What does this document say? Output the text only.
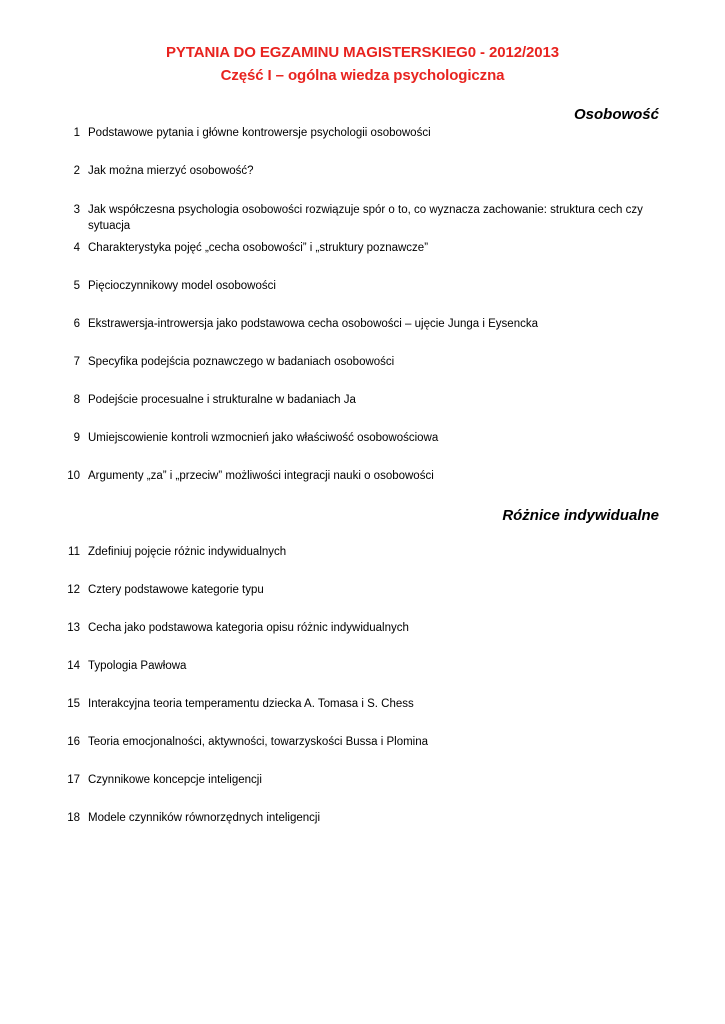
PYTANIA DO EGZAMINU MAGISTERSKIEG0 - 2012/2013
Część I – ogólna wiedza psychologiczna
Osobowość
1 Podstawowe pytania i główne kontrowersje psychologii osobowości
2 Jak można mierzyć osobowość?
3 Jak współczesna psychologia osobowości rozwiązuje spór o to, co wyznacza zachowanie: struktura cech czy sytuacja
4 Charakterystyka pojęć „cecha osobowości” i „struktury poznawcze”
5 Pięcioczynnikowy model osobowości
6 Ekstrawersja-introwersja jako podstawowa cecha osobowości – ujęcie Junga i Eysencka
7 Specyfika podejścia poznawczego w badaniach osobowości
8 Podejście procesualne i strukturalne w badaniach Ja
9 Umiejscowienie kontroli wzmocnień jako właściwość osobowościowa
10 Argumenty „za” i „przeciw” możliwości integracji nauki o osobowości
Różnice indywidualne
11 Zdefiniuj pojęcie różnic indywidualnych
12 Cztery podstawowe kategorie typu
13 Cecha jako podstawowa kategoria opisu różnic indywidualnych
14 Typologia Pawłowa
15 Interakcyjna teoria temperamentu dziecka A. Tomasa i S. Chess
16 Teoria emocjonalności, aktywności, towarzyskości Bussa i Plomina
17 Czynnikowe koncepcje inteligencji
18 Modele czynników równorzędnych inteligencji
